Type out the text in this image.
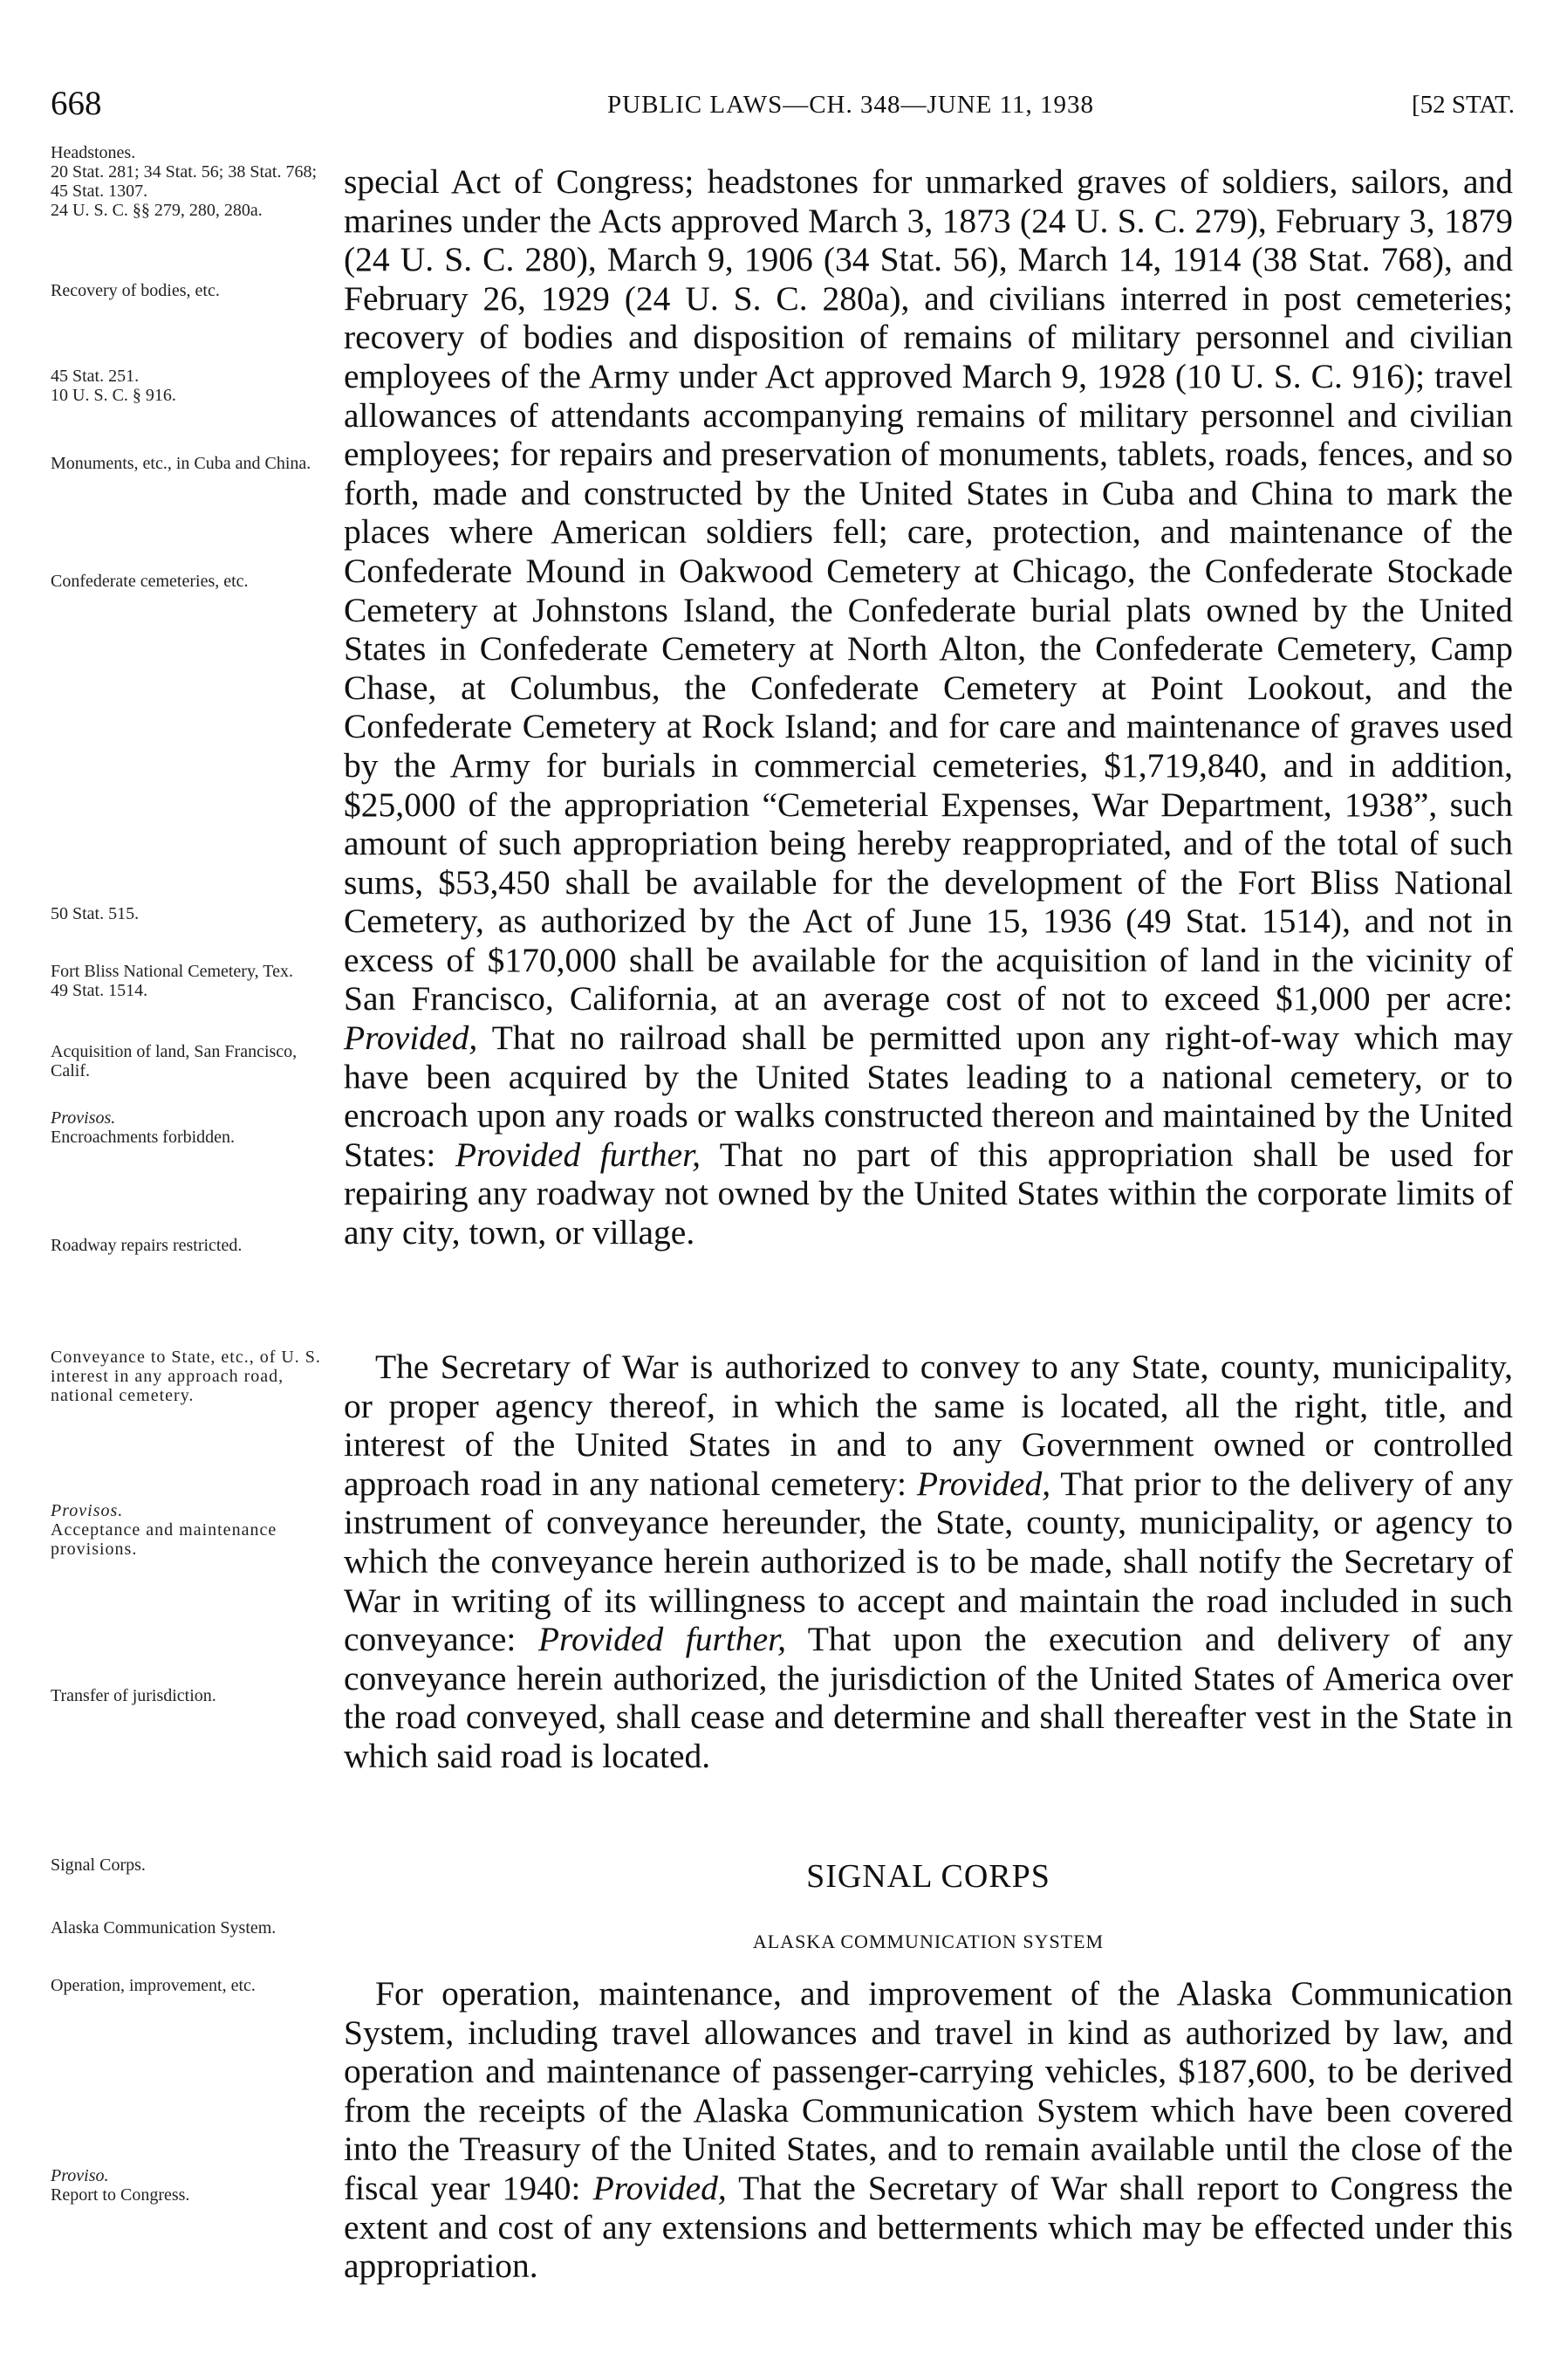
668	PUBLIC LAWS—CH. 348—JUNE 11, 1938	[52 STAT.
Headstones.
20 Stat. 281; 34 Stat. 56; 38 Stat. 768; 45 Stat. 1307.
24 U. S. C. §§ 279, 280, 280a.
Recovery of bodies, etc.
45 Stat. 251.
10 U. S. C. § 916.
Monuments, etc., in Cuba and China.
Confederate cemeteries, etc.
50 Stat. 515.
Fort Bliss National Cemetery, Tex.
49 Stat. 1514.
Acquisition of land, San Francisco, Calif.
Provisos.
Encroachments forbidden.
Roadway repairs restricted.
Conveyance to State, etc., of U. S. interest in any approach road, national cemetery.
Provisos.
Acceptance and maintenance provisions.
Transfer of jurisdiction.
Signal Corps.
Alaska Communication System.
Operation, improvement, etc.
Proviso.
Report to Congress.

special Act of Congress; headstones for unmarked graves of soldiers, sailors, and marines under the Acts approved March 3, 1873 (24 U. S. C. 279), February 3, 1879 (24 U. S. C. 280), March 9, 1906 (34 Stat. 56), March 14, 1914 (38 Stat. 768), and February 26, 1929 (24 U. S. C. 280a), and civilians interred in post cemeteries; recovery of bodies and disposition of remains of military personnel and civilian employees of the Army under Act approved March 9, 1928 (10 U. S. C. 916); travel allowances of attendants accompanying remains of military personnel and civilian employees; for repairs and preservation of monuments, tablets, roads, fences, and so forth, made and constructed by the United States in Cuba and China to mark the places where American soldiers fell; care, protection, and maintenance of the Confederate Mound in Oakwood Cemetery at Chicago, the Confederate Stockade Cemetery at Johnstons Island, the Confederate burial plats owned by the United States in Confederate Cemetery at North Alton, the Confederate Cemetery, Camp Chase, at Columbus, the Confederate Cemetery at Point Lookout, and the Confederate Cemetery at Rock Island; and for care and maintenance of graves used by the Army for burials in commercial cemeteries, $1,719,840, and in addition, $25,000 of the appropriation “Cemeterial Expenses, War Department, 1938”, such amount of such appropriation being hereby reappropriated, and of the total of such sums, $53,450 shall be available for the development of the Fort Bliss National Cemetery, as authorized by the Act of June 15, 1936 (49 Stat. 1514), and not in excess of $170,000 shall be available for the acquisition of land in the vicinity of San Francisco, California, at an average cost of not to exceed $1,000 per acre: Provided, That no railroad shall be permitted upon any right-of-way which may have been acquired by the United States leading to a national cemetery, or to encroach upon any roads or walks constructed thereon and maintained by the United States: Provided further, That no part of this appropriation shall be used for repairing any roadway not owned by the United States within the corporate limits of any city, town, or village.

The Secretary of War is authorized to convey to any State, county, municipality, or proper agency thereof, in which the same is located, all the right, title, and interest of the United States in and to any Government owned or controlled approach road in any national cemetery: Provided, That prior to the delivery of any instrument of conveyance hereunder, the State, county, municipality, or agency to which the conveyance herein authorized is to be made, shall notify the Secretary of War in writing of its willingness to accept and maintain the road included in such conveyance: Provided further, That upon the execution and delivery of any conveyance herein authorized, the jurisdiction of the United States of America over the road conveyed, shall cease and determine and shall thereafter vest in the State in which said road is located.

SIGNAL CORPS
ALASKA COMMUNICATION SYSTEM

For operation, maintenance, and improvement of the Alaska Communication System, including travel allowances and travel in kind as authorized by law, and operation and maintenance of passenger-carrying vehicles, $187,600, to be derived from the receipts of the Alaska Communication System which have been covered into the Treasury of the United States, and to remain available until the close of the fiscal year 1940: Provided, That the Secretary of War shall report to Congress the extent and cost of any extensions and betterments which may be effected under this appropriation.
